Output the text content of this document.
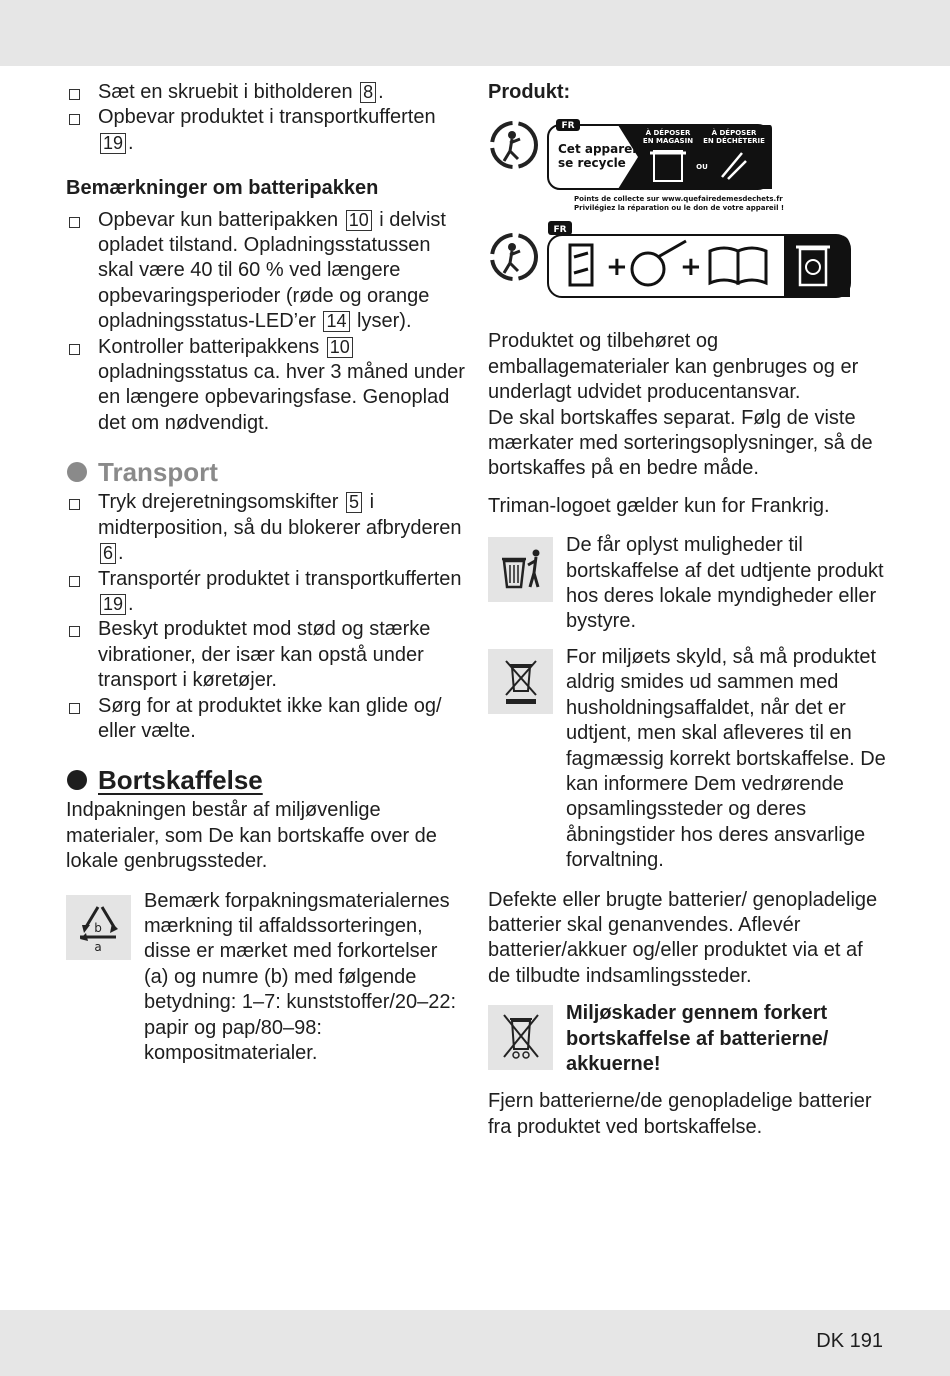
Sæt en skruebit i bitholderen 8 .
Opbevar produktet i transportkufferten 19 .

Bemærkninger om batteripakken

Opbevar kun batteripakken 10 i delvist opladet tilstand. Opladningsstatussen skal være 40 til 60 % ved længere opbevaringsperioder (røde og orange opladningsstatus-LED’er 14 lyser).
Kontroller batteripakkens 10 opladningsstatus ca. hver 3 måned under en længere opbevaringsfase. Genoplad det om nødvendigt.
Transport
Tryk drejeretningsomskifter 5 i midterposition, så du blokerer afbryderen 6 .
Transportér produktet i transportkufferten 19 .
Beskyt produktet mod stød og stærke vibrationer, der især kan opstå under transport i køretøjer.
Sørg for at produktet ikke kan glide og/ eller vælte.
Bortskaffelse

Indpakningen består af miljøvenlige materialer, som De kan bortskaffe over de lokale genbrugssteder.

b
a

Bemærk forpakningsmaterialernes mærkning til affaldssorteringen, disse er mærket med forkortelser (a) og numre (b) med følgende betydning: 1–7: kunststoffer/20–22: papir og pap/80–98: kompositmaterialer.

Produkt:

FR
Cet appareil
se recycle
À DÉPOSER
EN MAGASIN
À DÉPOSER
EN DÉCHÈTERIE
OU
Points de collecte sur www.quefairedemesdechets.fr
Privilégiez la réparation ou le don de votre appareil !
FR
+ +

Produktet og tilbehøret og emballagematerialer kan genbruges og er underlagt udvidet producentansvar.

De skal bortskaffes separat. Følg de viste mærkater med sorteringsoplysninger, så de bortskaffes på en bedre måde.

Triman-logoet gælder kun for Frankrig.

De får oplyst muligheder til bortskaffelse af det udtjente produkt hos deres lokale myndigheder eller bystyre.

For miljøets skyld, så må produktet aldrig smides ud sammen med husholdningsaffaldet, når det er udtjent, men skal afleveres til en fagmæssig korrekt bortskaffelse. De kan informere Dem vedrørende opsamlingssteder og deres åbningstider hos deres ansvarlige forvaltning.

Defekte eller brugte batterier/ genopladelige batterier skal genanvendes. Aflevér batterier/akkuer og/eller produktet via et af de tilbudte indsamlingssteder.

Miljøskader gennem forkert bortskaffelse af batterierne/ akkuerne!

Fjern batterierne/de genopladelige batterier fra produktet ved bortskaffelse.

DK 191
